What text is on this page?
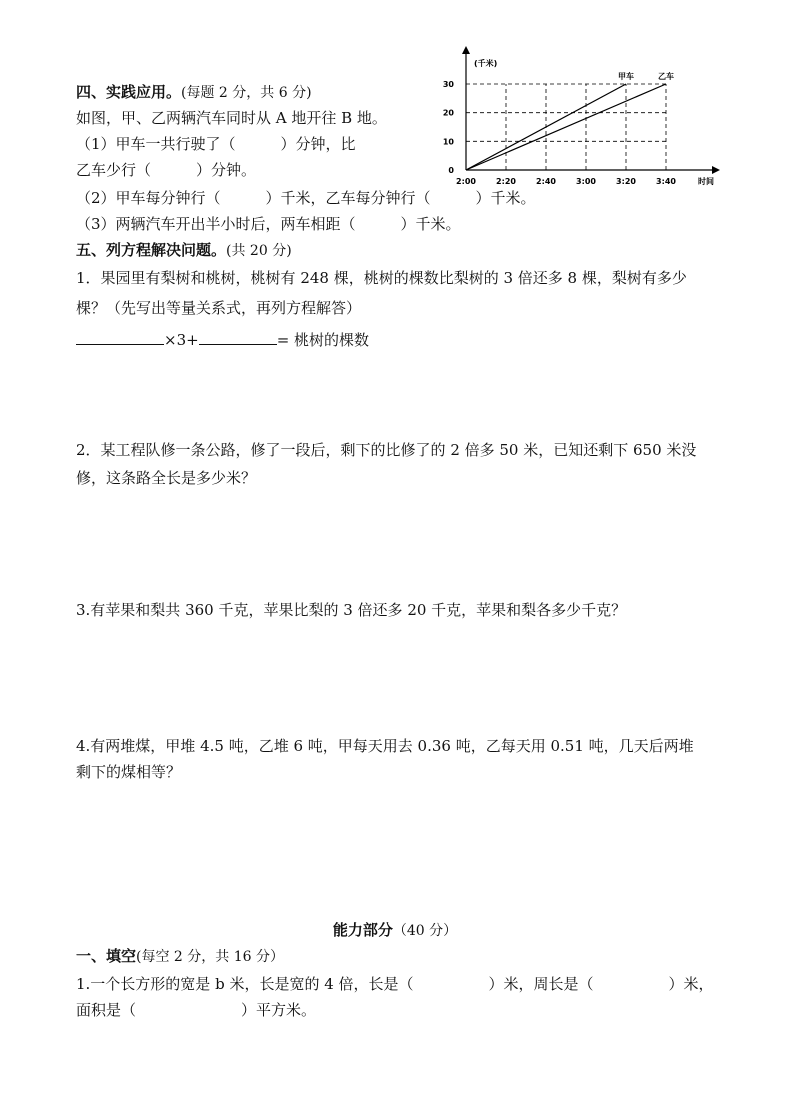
四、实践应用。(每题 2 分，共 6 分)
如图，甲、乙两辆汽车同时从 A 地开往 B 地。
（1）甲车一共行驶了（　　　）分钟，比
乙车少行（　　　）分钟。
（2）甲车每分钟行（　　　）千米，乙车每分钟行（　　　）千米。
（3）两辆汽车开出半小时后，两车相距（　　　）千米。
(千米)
时间
0
10
20
30
2:00	2:20	2:40	3:00	3:20	3:40
甲车	乙车
五、列方程解决问题。(共 20 分)
1．果园里有梨树和桃树，桃树有 248 棵，桃树的棵数比梨树的 3 倍还多 8 棵，梨树有多少
棵？（先写出等量关系式，再列方程解答）
×3+	= 桃树的棵数
2．某工程队修一条公路，修了一段后，剩下的比修了的 2 倍多 50 米，已知还剩下 650 米没
修，这条路全长是多少米？
3.有苹果和梨共 360 千克，苹果比梨的 3 倍还多 20 千克，苹果和梨各多少千克？
4.有两堆煤，甲堆 4.5 吨，乙堆 6 吨，甲每天用去 0.36 吨，乙每天用 0.51 吨，几天后两堆
剩下的煤相等？
能力部分（40 分）
一、填空(每空 2 分，共 16 分）
1.一个长方形的宽是 b 米，长是宽的 4 倍，长是（　　　　　）米，周长是（　　　　　）米，
面积是（　　　　　　　）平方米。
